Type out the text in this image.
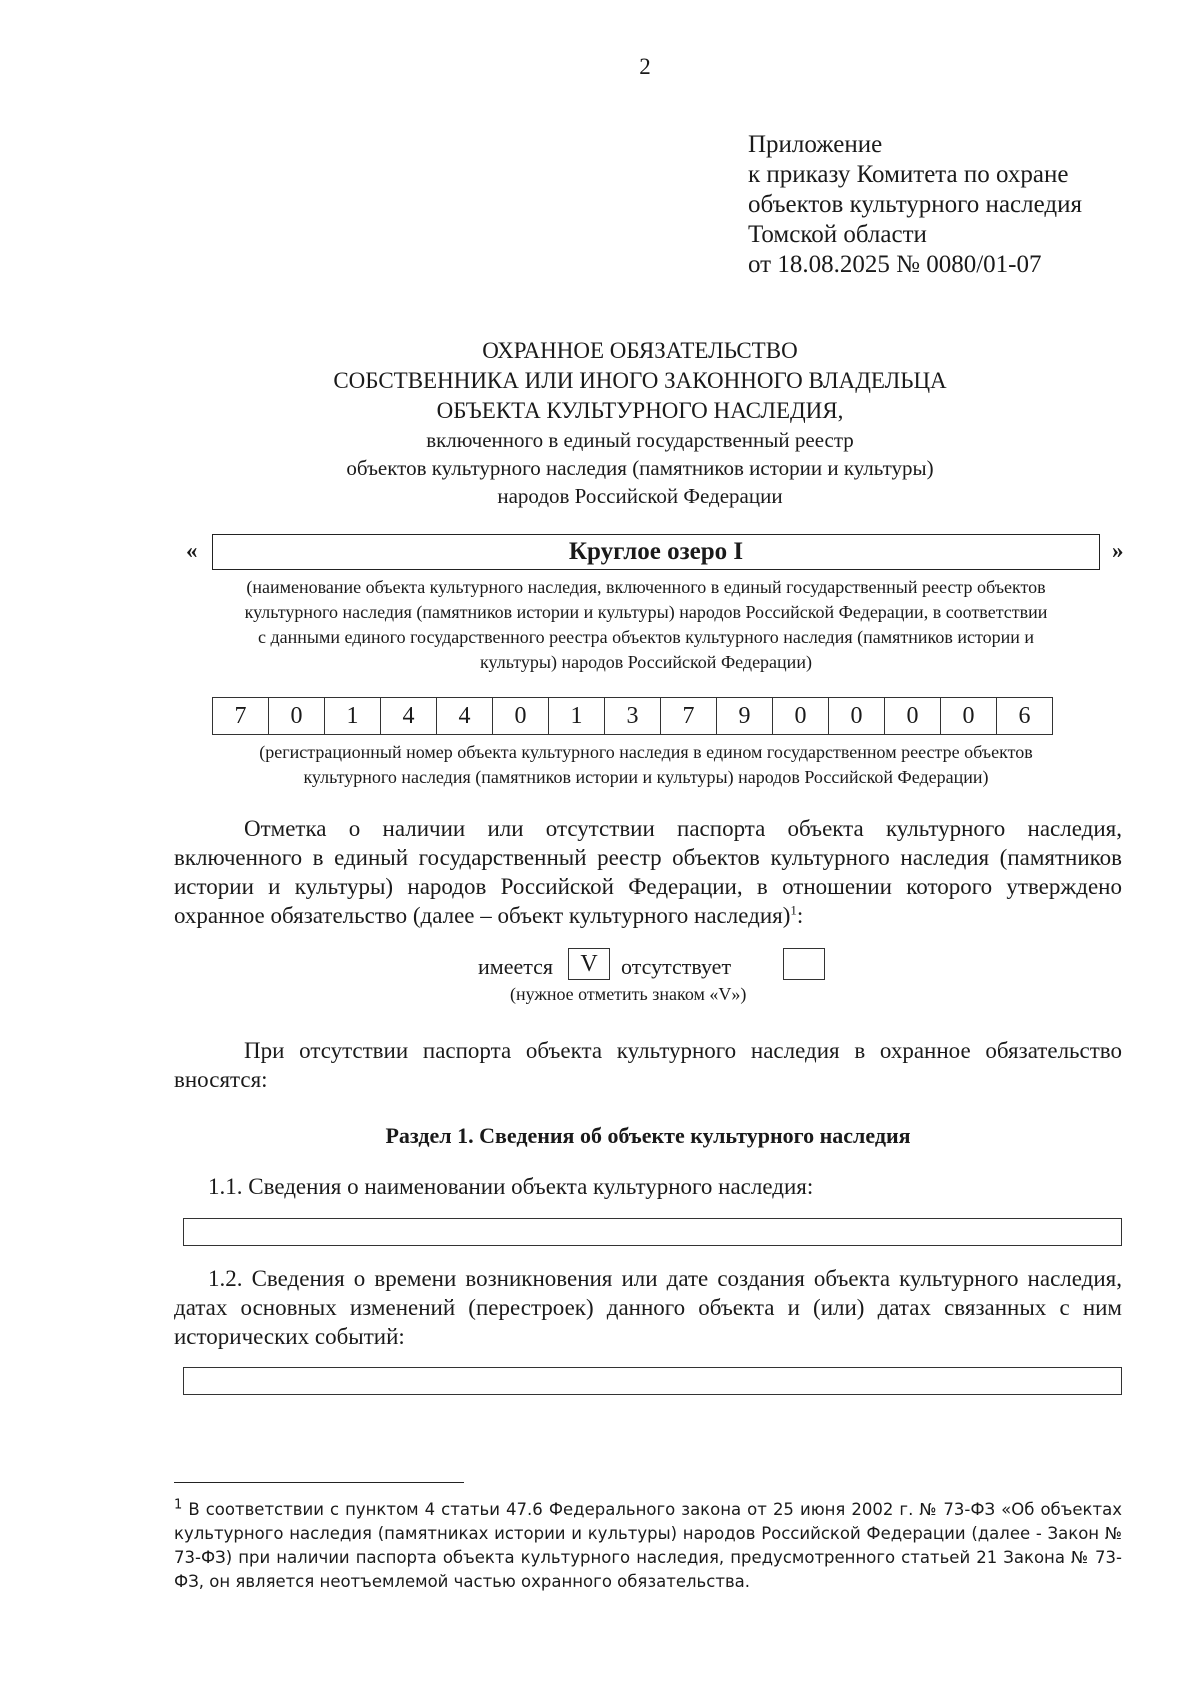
2
Приложение
к приказу Комитета по охране
объектов культурного наследия
Томской области
от 18.08.2025 № 0080/01-07
ОХРАННОЕ ОБЯЗАТЕЛЬСТВО
СОБСТВЕННИКА ИЛИ ИНОГО ЗАКОННОГО ВЛАДЕЛЬЦА
ОБЪЕКТА КУЛЬТУРНОГО НАСЛЕДИЯ,
включенного в единый государственный реестр
объектов культурного наследия (памятников истории и культуры)
народов Российской Федерации
«	Круглое озеро I	»
(наименование объекта культурного наследия, включенного в единый государственный реестр объектов
культурного наследия (памятников истории и культуры) народов Российской Федерации, в соответствии
с данными единого государственного реестра объектов культурного наследия (памятников истории и
культуры) народов Российской Федерации)
7	0	1	4	4	0	1	3	7	9	0	0	0	0	6
(регистрационный номер объекта культурного наследия в едином государственном реестре объектов
культурного наследия (памятников истории и культуры) народов Российской Федерации)
Отметка о наличии или отсутствии паспорта объекта культурного наследия, включенного в единый государственный реестр объектов культурного наследия (памятников истории и культуры) народов Российской Федерации, в отношении которого утверждено охранное обязательство (далее – объект культурного наследия)$^1$:
имеется	V	отсутствует
(нужное отметить знаком «V»)
При отсутствии паспорта объекта культурного наследия в охранное обязательство вносятся:
Раздел 1. Сведения об объекте культурного наследия
1.1. Сведения о наименовании объекта культурного наследия:
1.2. Сведения о времени возникновения или дате создания объекта культурного наследия, датах основных изменений (перестроек) данного объекта и (или) датах связанных с ним исторических событий:
$^1$ В соответствии с пунктом 4 статьи 47.6 Федерального закона от 25 июня 2002 г. № 73-ФЗ «Об объектах культурного наследия (памятниках истории и культуры) народов Российской Федерации (далее - Закон № 73-ФЗ) при наличии паспорта объекта культурного наследия, предусмотренного статьей 21 Закона № 73-ФЗ, он является неотъемлемой частью охранного обязательства.
